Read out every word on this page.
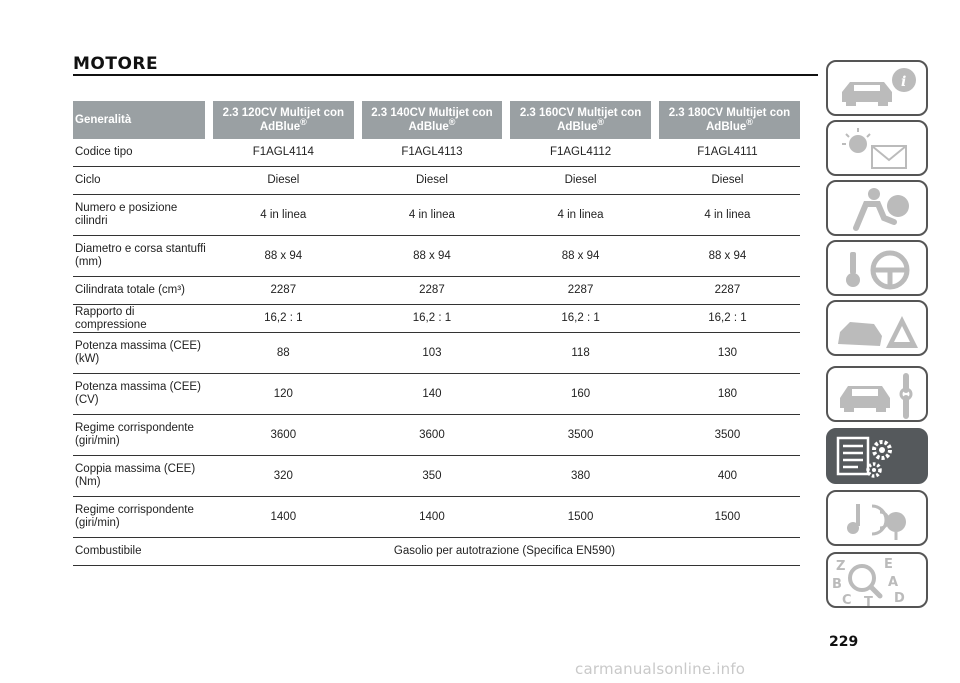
MOTORE
Generalità	2.3 120CV Multijet con AdBlue®	2.3 140CV Multijet con AdBlue®	2.3 160CV Multijet con AdBlue®	2.3 180CV Multijet con AdBlue®
Codice tipo	F1AGL4114	F1AGL4113	F1AGL4112	F1AGL4111
Ciclo	Diesel	Diesel	Diesel	Diesel
Numero e posizione cilindri	4 in linea	4 in linea	4 in linea	4 in linea
Diametro e corsa stantuffi (mm)	88 x 94	88 x 94	88 x 94	88 x 94
Cilindrata totale (cm³)	2287	2287	2287	2287
Rapporto di compressione	16,2 : 1	16,2 : 1	16,2 : 1	16,2 : 1
Potenza massima (CEE) (kW)	88	103	118	130
Potenza massima (CEE) (CV)	120	140	160	180
Regime corrispondente (giri/min)	3600	3600	3500	3500
Coppia massima (CEE) (Nm)	320	350	380	400
Regime corrispondente (giri/min)	1400	1400	1500	1500
Combustibile	Gasolio per autotrazione (Specifica EN590)			
i
Z	E
B	A
C	D
T
229
carmanualsonline.info
